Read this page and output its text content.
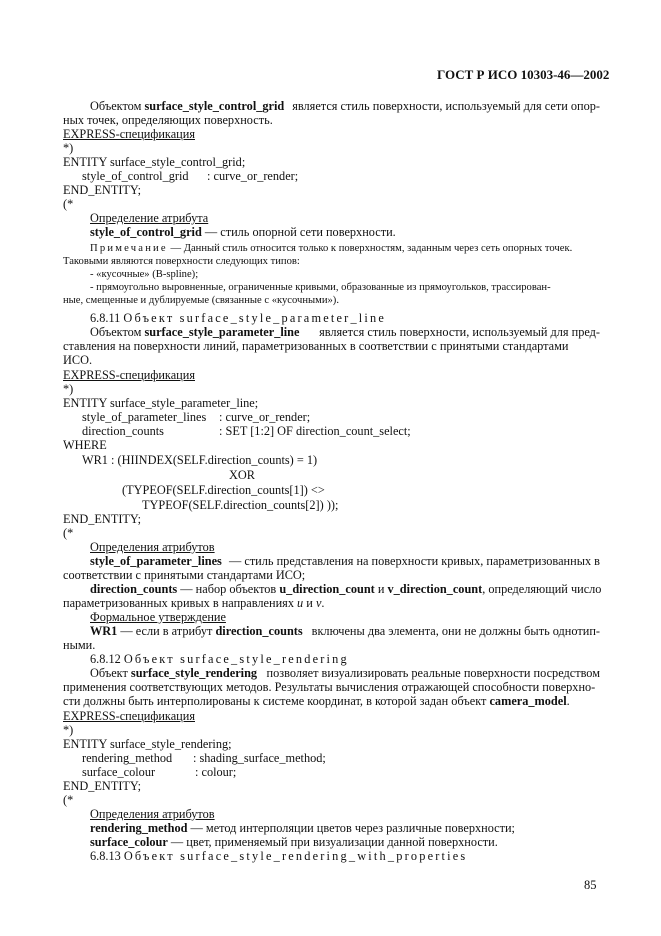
ГОСТ Р ИСО 10303-46—2002
Объектом surface_style_control_grid является стиль поверхности, используемый для сети опор-
ных точек, определяющих поверхность.
EXPRESS-спецификация
*)
ENTITY surface_style_control_grid;
style_of_control_grid : curve_or_render;
END_ENTITY;
(*
Определение атрибута
style_of_control_grid — стиль опорной сети поверхности.
Примечание — Данный стиль относится только к поверхностям, заданным через сеть опорных точек.
Таковыми являются поверхности следующих типов:
- «кусочные» (B-spline);
- прямоугольно выровненные, ограниченные кривыми, образованные из прямоугольков, трассирован-
ные, смещенные и дублируемые (связанные с «кусочными»).
6.8.11 Объект surface_style_parameter_line
Объектом surface_style_parameter_line является стиль поверхности, используемый для пред-
ставления на поверхности линий, параметризованных в соответствии с принятыми стандартами
ИСО.
EXPRESS-спецификация
*)
ENTITY surface_style_parameter_line;
style_of_parameter_lines : curve_or_render;
direction_counts	: SET [1:2] OF direction_count_select;
WHERE
WR1 : (HIINDEX(SELF.direction_counts) = 1)
XOR
(TYPEOF(SELF.direction_counts[1]) <>
TYPEOF(SELF.direction_counts[2]) ));
END_ENTITY;
(*
Определения атрибутов
style_of_parameter_lines — стиль представления на поверхности кривых, параметризованных в
соответствии с принятыми стандартами ИСО;
direction_counts — набор объектов u_direction_count и v_direction_count , определяющий число
параметризованных кривых в направлениях u и v.
Формальное утверждение
WR1 — если в атрибут direction_counts включены два элемента, они не должны быть однотип-
ными.
6.8.12 Объект surface_style_rendering
Объект surface_style_rendering позволяет визуализировать реальные поверхности посредством
применения соответствующих методов. Результаты вычисления отражающей способности поверхно-
сти должны быть интерполированы к системе координат, в которой задан объект camera_model.
EXPRESS-спецификация
*)
ENTITY surface_style_rendering;
rendering_method : shading_surface_method;
surface_colour	: colour;
END_ENTITY;
(*
Определения атрибутов
rendering_method — метод интерполяции цветов через различные поверхности;
surface_colour — цвет, применяемый при визуализации данной поверхности.
6.8.13 Объект surface_style_rendering_with_properties
85
